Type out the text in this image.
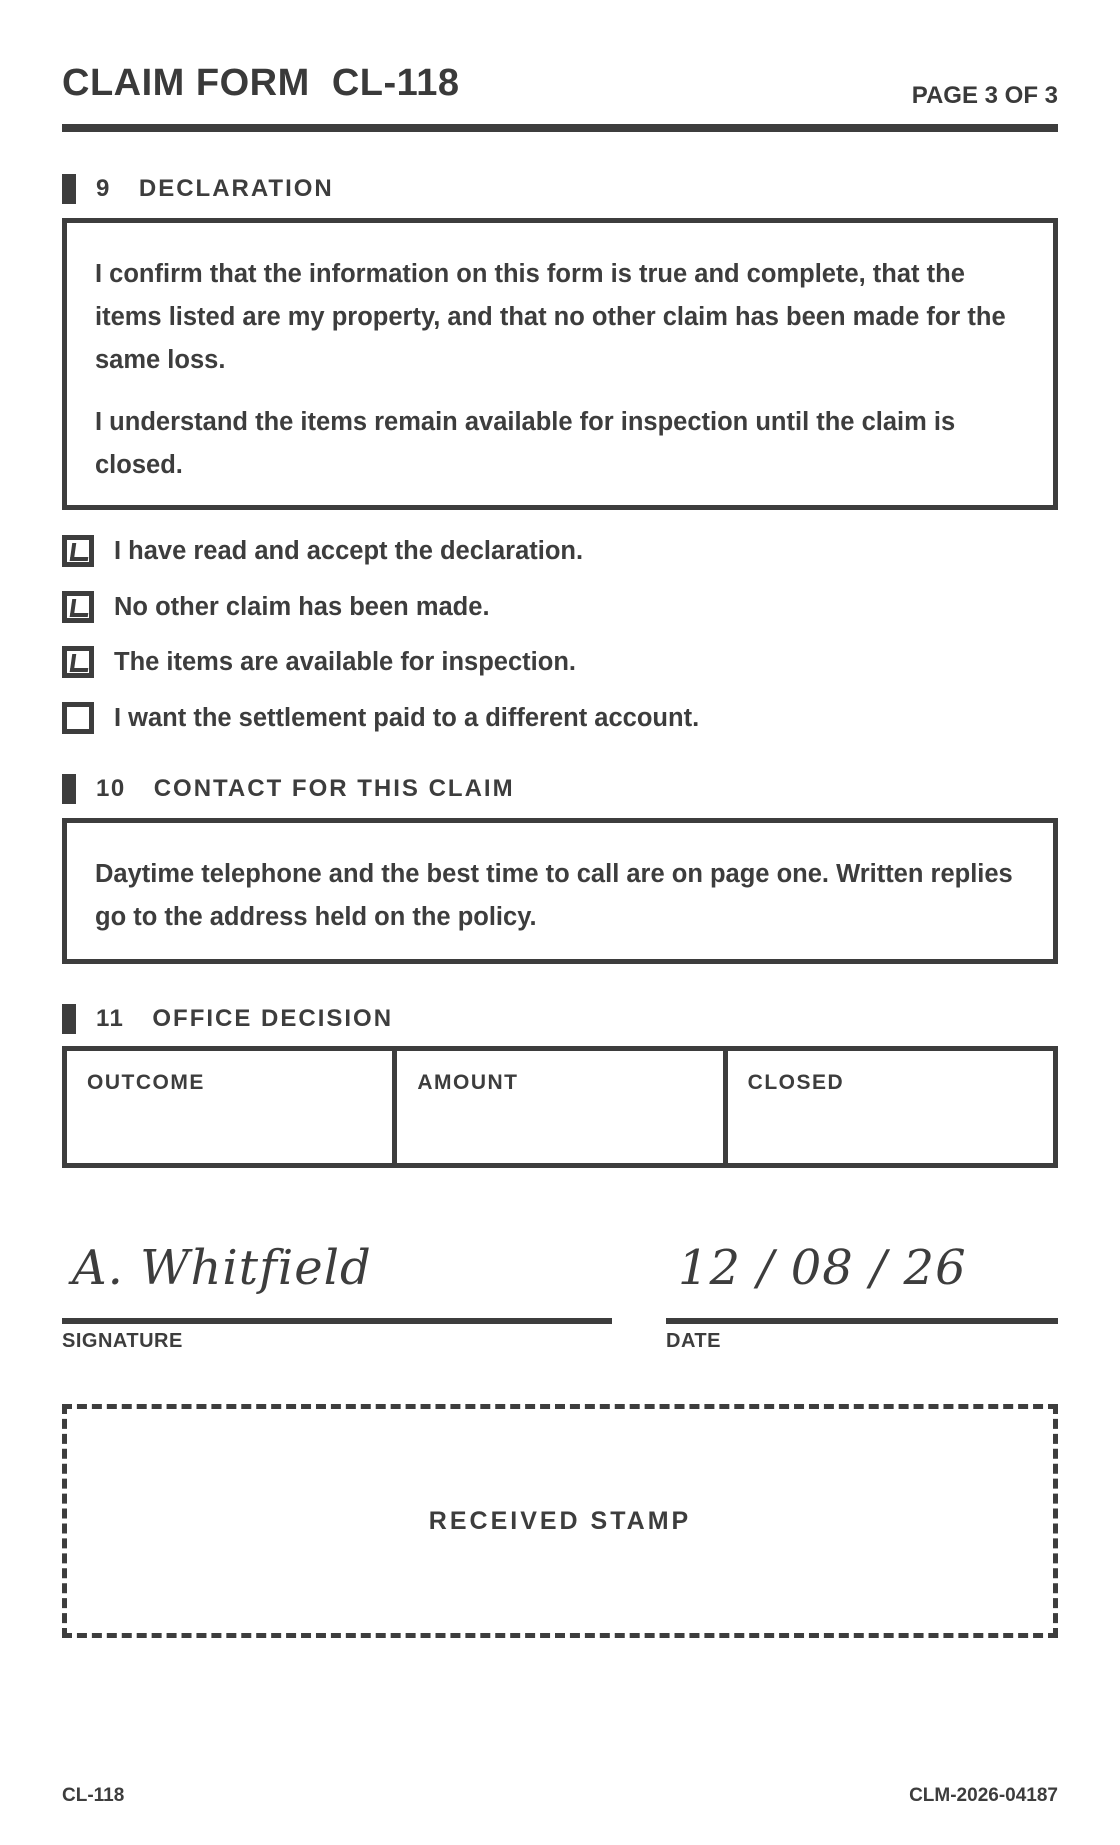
CLAIM FORM  CL-118	PAGE 3 OF 3
9 DECLARATION

I confirm that the information on this form is true and complete, that the items listed are my property, and that no other claim has been made for the same loss.

I understand the items remain available for inspection until the claim is closed.

I have read and accept the declaration.
No other claim has been made.
The items are available for inspection.
I want the settlement paid to a different account.
10 CONTACT FOR THIS CLAIM

Daytime telephone and the best time to call are on page one. Written replies go to the address held on the policy.

11 OFFICE DECISION
OUTCOME	AMOUNT	CLOSED
A. Whitfield
SIGNATURE
12 / 08 / 26
DATE
RECEIVED STAMP
CL-118	CLM-2026-04187
